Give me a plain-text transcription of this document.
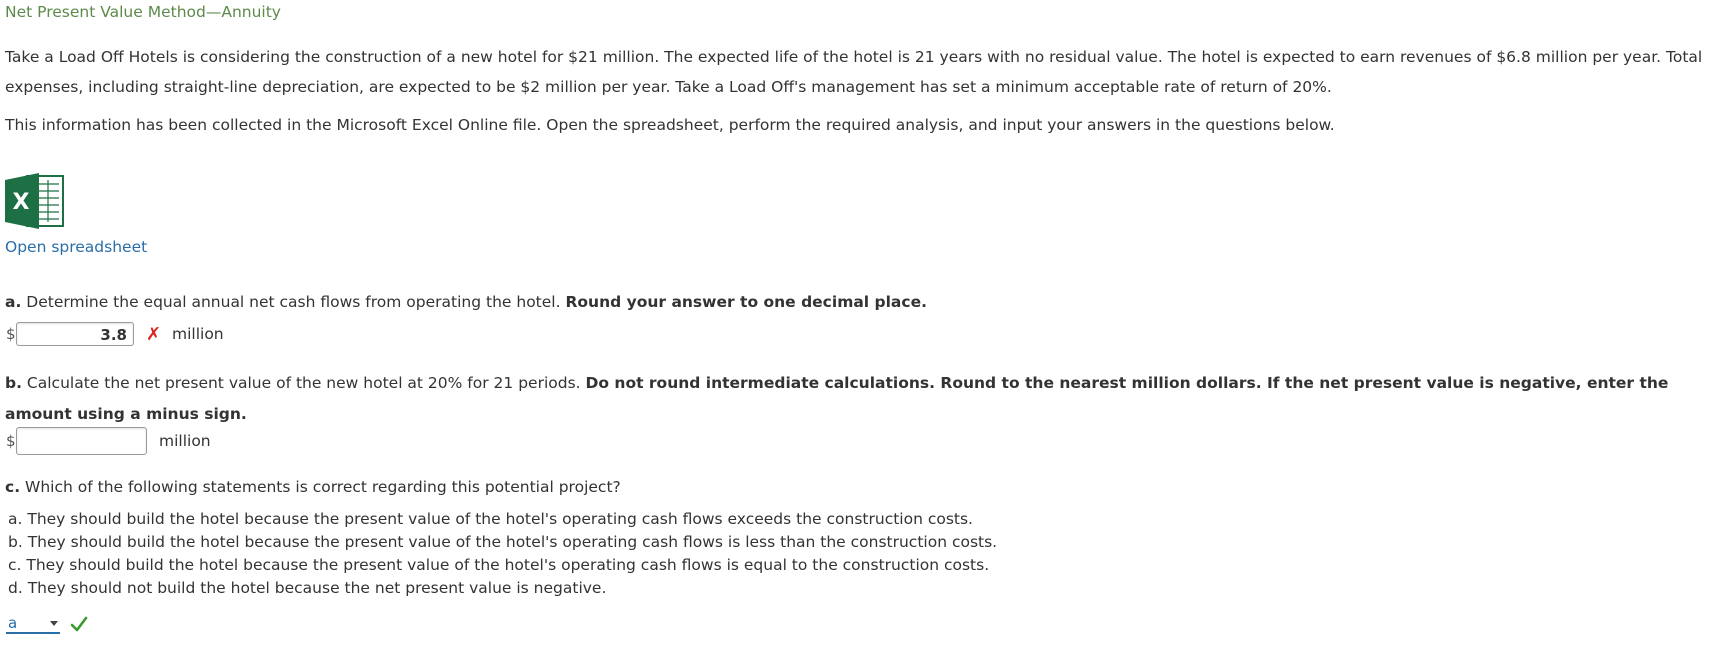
Net Present Value Method—Annuity
Take a Load Off Hotels is considering the construction of a new hotel for $21 million. The expected life of the hotel is 21 years with no residual value. The hotel is expected to earn revenues of $6.8 million per year. Total expenses, including straight-line depreciation, are expected to be $2 million per year. Take a Load Off's management has set a minimum acceptable rate of return of 20%.
This information has been collected in the Microsoft Excel Online file. Open the spreadsheet, perform the required analysis, and input your answers in the questions below.
X
Open spreadsheet
a. Determine the equal annual net cash flows from operating the hotel. Round your answer to one decimal place.
$	3.8	✗ million
b. Calculate the net present value of the new hotel at 20% for 21 periods. Do not round intermediate calculations. Round to the nearest million dollars. If the net present value is negative, enter the amount using a minus sign.
$	million
c. Which of the following statements is correct regarding this potential project?
a. They should build the hotel because the present value of the hotel's operating cash flows exceeds the construction costs.
b. They should build the hotel because the present value of the hotel's operating cash flows is less than the construction costs.
c. They should build the hotel because the present value of the hotel's operating cash flows is equal to the construction costs.
d. They should not build the hotel because the net present value is negative.
a
